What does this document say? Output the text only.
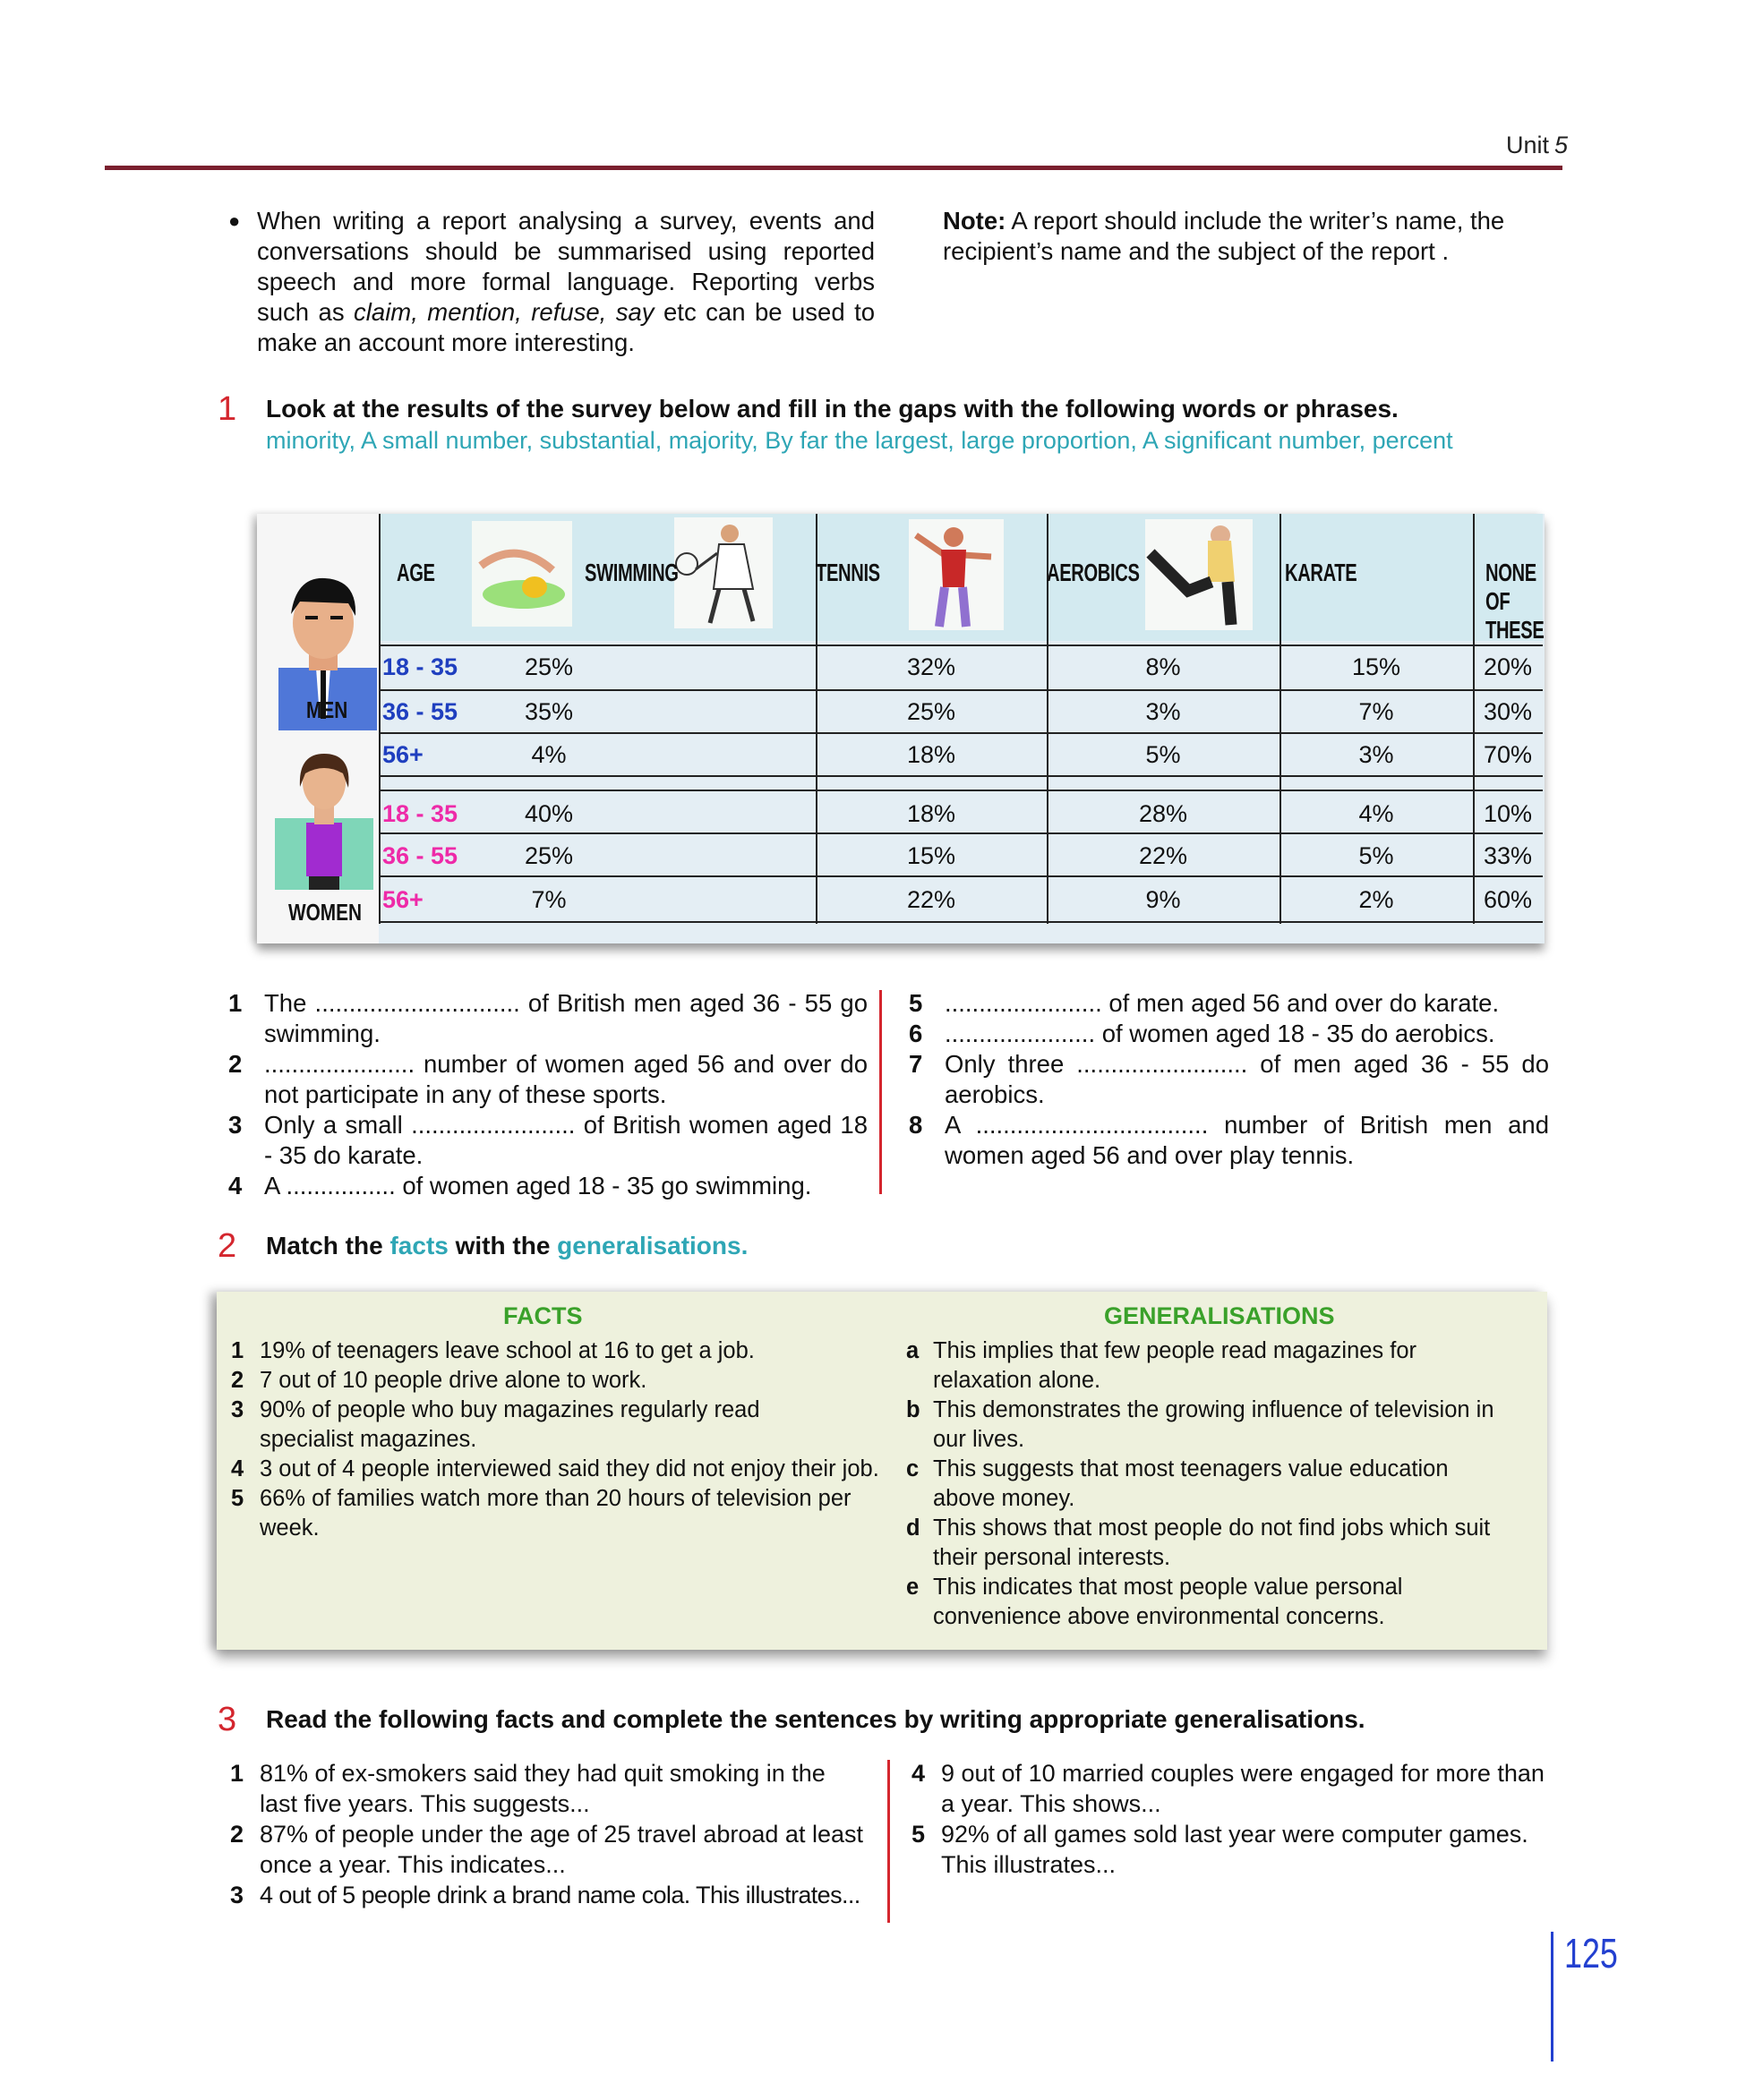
Unit 5
● When writing a report analysing a survey, events and conversations should be summarised using reported speech and more formal language. Reporting verbs such as claim, mention, refuse, say etc can be used to make an account more interesting.
Note: A report should include the writer’s name, the recipient’s name and the subject of the report .
1 Look at the results of the survey below and fill in the gaps with the following words or phrases.
minority, A small number, substantial, majority, By far the largest, large proportion, A significant number, percent
MEN
WOMEN
AGE	SWIMMING	TENNIS	AEROBICS	KARATE	NONE OF
THESE
18 - 35	25%	32%	8%	15%	20%
36 - 55	35%	25%	3%	7%	30%
56+	4%	18%	5%	3%	70%
18 - 35	40%	18%	28%	4%	10%
36 - 55	25%	15%	22%	5%	33%
56+	7%	22%	9%	2%	60%
1 The .............................. of British men aged 36 - 55 go swimming.
2 ...................... number of women aged 56 and over do not participate in any of these sports.
3 Only a small ........................ of British women aged 18 - 35 do karate.
4 A ................ of women aged 18 - 35 go swimming.
5 ....................... of men aged 56 and over do karate.
6 ...................... of women aged 18 - 35 do aerobics.
7 Only three ......................... of men aged 36 - 55 do aerobics.
8 A .................................. number of British men and women aged 56 and over play tennis.
2 Match the facts with the generalisations.
FACTS	GENERALISATIONS
1 19% of teenagers leave school at 16 to get a job.
2 7 out of 10 people drive alone to work.
3 90% of people who buy magazines regularly read specialist magazines.
4 3 out of 4 people interviewed said they did not enjoy their job.
5 66% of families watch more than 20 hours of television per week.
a This implies that few people read magazines for relaxation alone.
b This demonstrates the growing influence of television in our lives.
c This suggests that most teenagers value education above money.
d This shows that most people do not find jobs which suit their personal interests.
e This indicates that most people value personal convenience above environmental concerns.
3 Read the following facts and complete the sentences by writing appropriate generalisations.
1 81% of ex-smokers said they had quit smoking in the last five years. This suggests...
2 87% of people under the age of 25 travel abroad at least once a year. This indicates...
3 4 out of 5 people drink a brand name cola. This illustrates...
4 9 out of 10 married couples were engaged for more than a year. This shows...
5 92% of all games sold last year were computer games. This illustrates...
125
